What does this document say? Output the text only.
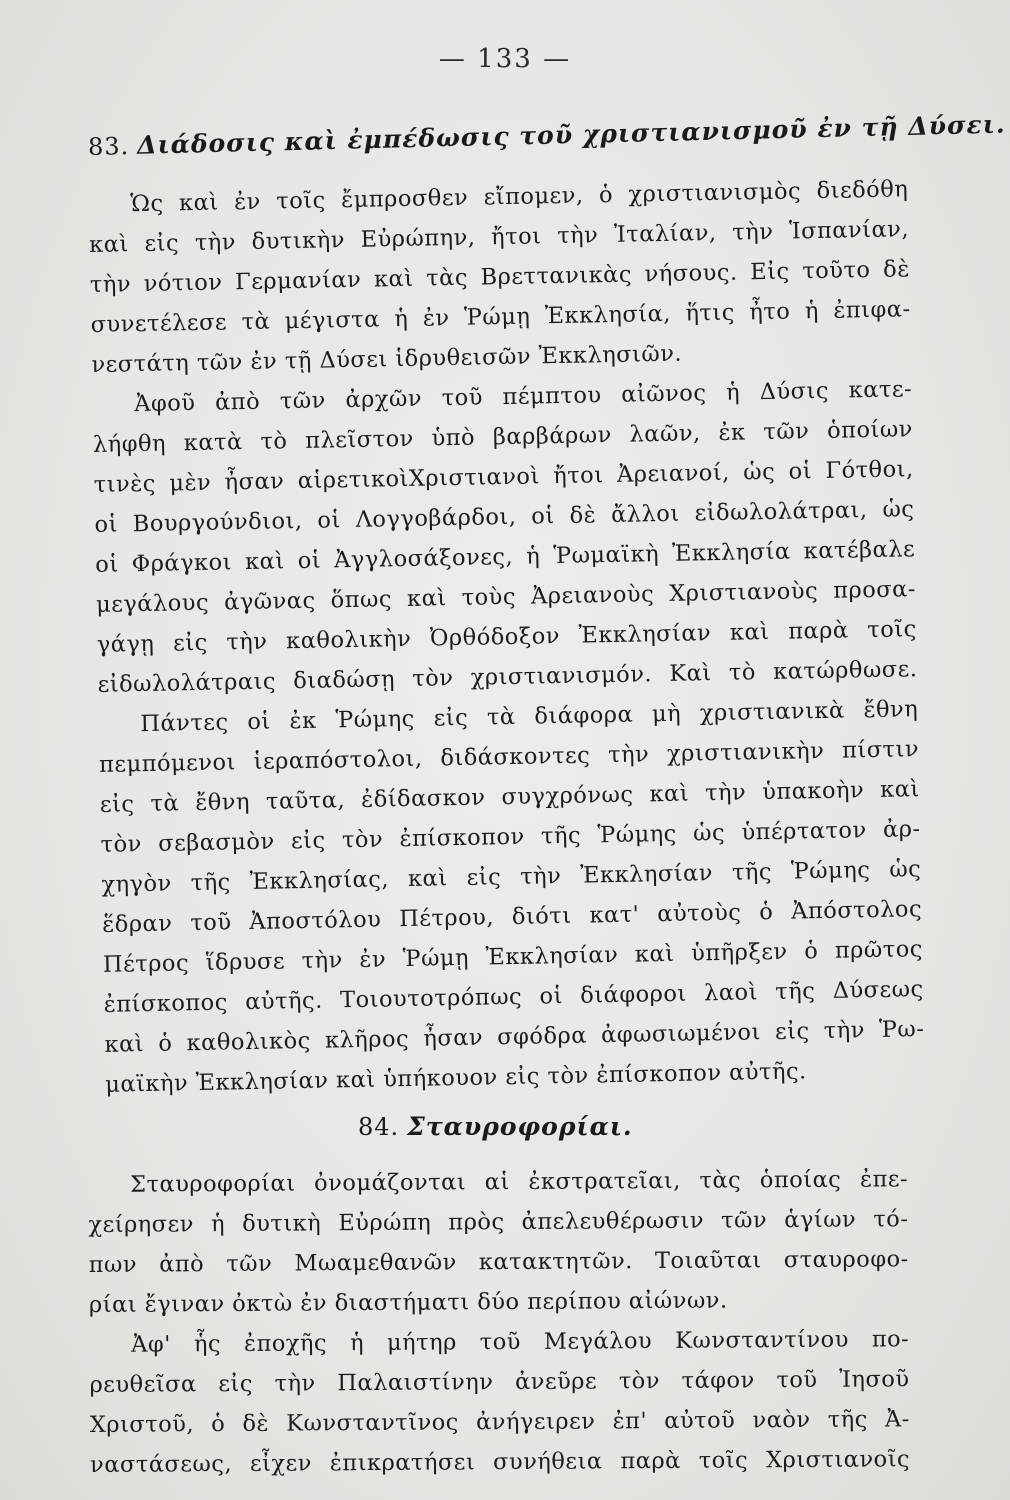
— 133 —
83. Διάδοσις καὶ ἐμπέδωσις τοῦ χριστιανισμοῦ ἐν τῇ Δύσει.
Ὡς καὶ ἐν τοῖς ἔμπροσθεν εἴπομεν, ὁ χριστιανισμὸς διεδόθη
καὶ εἰς τὴν δυτικὴν Εὐρώπην, ἤτοι τὴν Ἰταλίαν, τὴν Ἱσπανίαν,
τὴν νότιον Γερμανίαν καὶ τὰς Βρεττανικὰς νήσους. Εἰς τοῦτο δὲ
συνετέλεσε τὰ μέγιστα ἡ ἐν Ῥώμῃ Ἐκκλησία, ἥτις ἦτο ἡ ἐπιφα-
νεστάτη τῶν ἐν τῇ Δύσει ἱδρυθεισῶν Ἐκκλησιῶν.
Ἀφοῦ ἀπὸ τῶν ἀρχῶν τοῦ πέμπτου αἰῶνος ἡ Δύσις κατε-
λήφθη κατὰ τὸ πλεῖστον ὑπὸ βαρβάρων λαῶν, ἐκ τῶν ὁποίων
τινὲς μὲν ἦσαν αἱρετικοὶΧριστιανοὶ ἤτοι Ἀρειανοί, ὡς οἱ Γότθοι,
οἱ Βουργούνδιοι, οἱ Λογγοβάρδοι, οἱ δὲ ἄλλοι εἰδωλολάτραι, ὡς
οἱ Φράγκοι καὶ οἱ Ἀγγλοσάξονες, ἡ Ῥωμαϊκὴ Ἐκκλησία κατέβαλε
μεγάλους ἀγῶνας ὅπως καὶ τοὺς Ἀρειανοὺς Χριστιανοὺς προσα-
γάγῃ εἰς τὴν καθολικὴν Ὀρθόδοξον Ἐκκλησίαν καὶ παρὰ τοῖς
εἰδωλολάτραις διαδώσῃ τὸν χριστιανισμόν. Καὶ τὸ κατώρθωσε.
Πάντες οἱ ἐκ Ῥώμης εἰς τὰ διάφορα μὴ χριστιανικὰ ἔθνη
πεμπόμενοι ἱεραπόστολοι, διδάσκοντες τὴν χριστιανικὴν πίστιν
εἰς τὰ ἔθνη ταῦτα, ἐδίδασκον συγχρόνως καὶ τὴν ὑπακοὴν καὶ
τὸν σεβασμὸν εἰς τὸν ἐπίσκοπον τῆς Ῥώμης ὡς ὑπέρτατον ἀρ-
χηγὸν τῆς Ἐκκλησίας, καὶ εἰς τὴν Ἐκκλησίαν τῆς Ῥώμης ὡς
ἕδραν τοῦ Ἀποστόλου Πέτρου, διότι κατ' αὐτοὺς ὁ Ἀπόστολος
Πέτρος ἵδρυσε τὴν ἐν Ῥώμῃ Ἐκκλησίαν καὶ ὑπῆρξεν ὁ πρῶτος
ἐπίσκοπος αὐτῆς. Τοιουτοτρόπως οἱ διάφοροι λαοὶ τῆς Δύσεως
καὶ ὁ καθολικὸς κλῆρος ἦσαν σφόδρα ἀφωσιωμένοι εἰς τὴν Ῥω-
μαϊκὴν Ἐκκλησίαν καὶ ὑπήκουον εἰς τὸν ἐπίσκοπον αὐτῆς.
84. Σταυροφορίαι.
Σταυροφορίαι ὀνομάζονται αἱ ἐκστρατεῖαι, τὰς ὁποίας ἐπε-
χείρησεν ἡ δυτικὴ Εὐρώπη πρὸς ἀπελευθέρωσιν τῶν ἁγίων τό-
πων ἀπὸ τῶν Μωαμεθανῶν κατακτητῶν. Τοιαῦται σταυροφο-
ρίαι ἔγιναν ὀκτὼ ἐν διαστήματι δύο περίπου αἰώνων.
Ἀφ' ἧς ἐποχῆς ἡ μήτηρ τοῦ Μεγάλου Κωνσταντίνου πο-
ρευθεῖσα εἰς τὴν Παλαιστίνην ἀνεῦρε τὸν τάφον τοῦ Ἰησοῦ
Χριστοῦ, ὁ δὲ Κωνσταντῖνος ἀνήγειρεν ἐπ' αὐτοῦ ναὸν τῆς Ἀ-
ναστάσεως, εἶχεν ἐπικρατήσει συνήθεια παρὰ τοῖς Χριστιανοῖς
